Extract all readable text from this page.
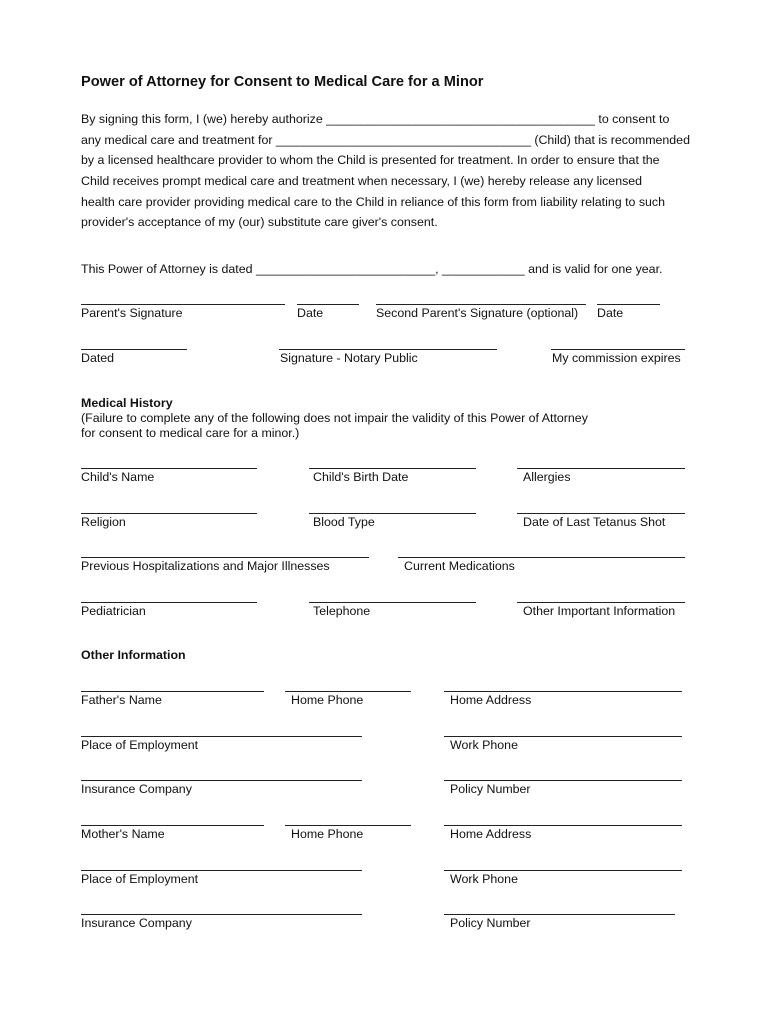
Power of Attorney for Consent to Medical Care for a Minor
By signing this form, I (we) hereby authorize _______________________________________ to consent to
any medical care and treatment for _____________________________________ (Child) that is recommended
by a licensed healthcare provider to whom the Child is presented for treatment. In order to ensure that the
Child receives prompt medical care and treatment when necessary, I (we) hereby release any licensed
health care provider providing medical care to the Child in reliance of this form from liability relating to such
provider's acceptance of my (our) substitute care giver's consent.
This Power of Attorney is dated __________________________, ____________ and is valid for one year.
Parent's Signature	Date	Second Parent's Signature (optional) Date
Dated	Signature - Notary Public	My commission expires
Medical History
(Failure to complete any of the following does not impair the validity of this Power of Attorney
for consent to medical care for a minor.)
Child's Name	Child's Birth Date	Allergies
Religion	Blood Type	Date of Last Tetanus Shot
Previous Hospitalizations and Major Illnesses	Current Medications
Pediatrician	Telephone	Other Important Information
Other Information
Father's Name	Home Phone	Home Address
Place of Employment	Work Phone
Insurance Company	Policy Number
Mother's Name	Home Phone	Home Address
Place of Employment	Work Phone
Insurance Company	Policy Number
